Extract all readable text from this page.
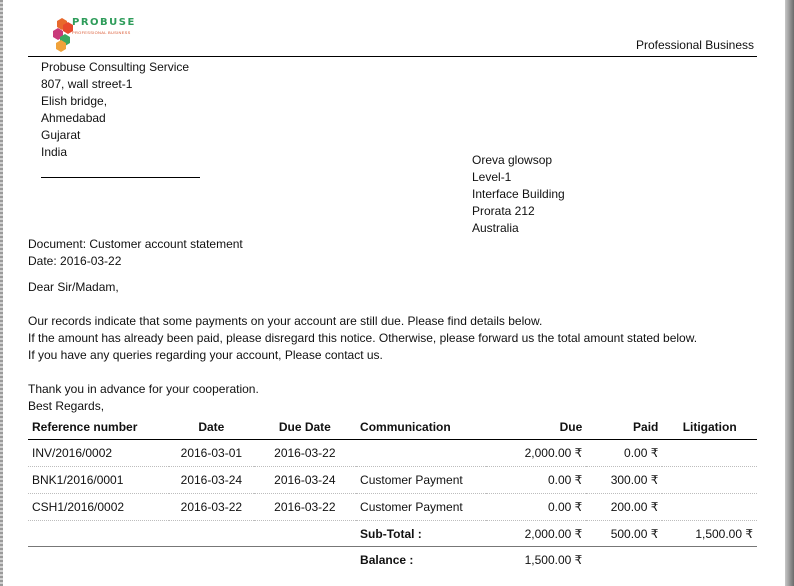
PROBUSE
PROFESSIONAL BUSINESS
Professional Business
Probuse Consulting Service
807, wall street-1
Elish bridge,
Ahmedabad
Gujarat
India
Oreva glowsop
Level-1
Interface Building
Prorata 212
Australia
Document: Customer account statement
Date: 2016-03-22
Dear Sir/Madam,
Our records indicate that some payments on your account are still due. Please find details below.
If the amount has already been paid, please disregard this notice. Otherwise, please forward us the total amount stated below.
If you have any queries regarding your account, Please contact us.
Thank you in advance for your cooperation.
Best Regards,
Reference number	Date	Due Date	Communication	Due	Paid	Litigation
INV/2016/0002	2016-03-01	2016-03-22		2,000.00 ₹	0.00 ₹	
BNK1/2016/0001	2016-03-24	2016-03-24	Customer Payment	0.00 ₹	300.00 ₹	
CSH1/2016/0002	2016-03-22	2016-03-22	Customer Payment	0.00 ₹	200.00 ₹	
			Sub-Total :	2,000.00 ₹	500.00 ₹	1,500.00 ₹
			Balance :	1,500.00 ₹		
